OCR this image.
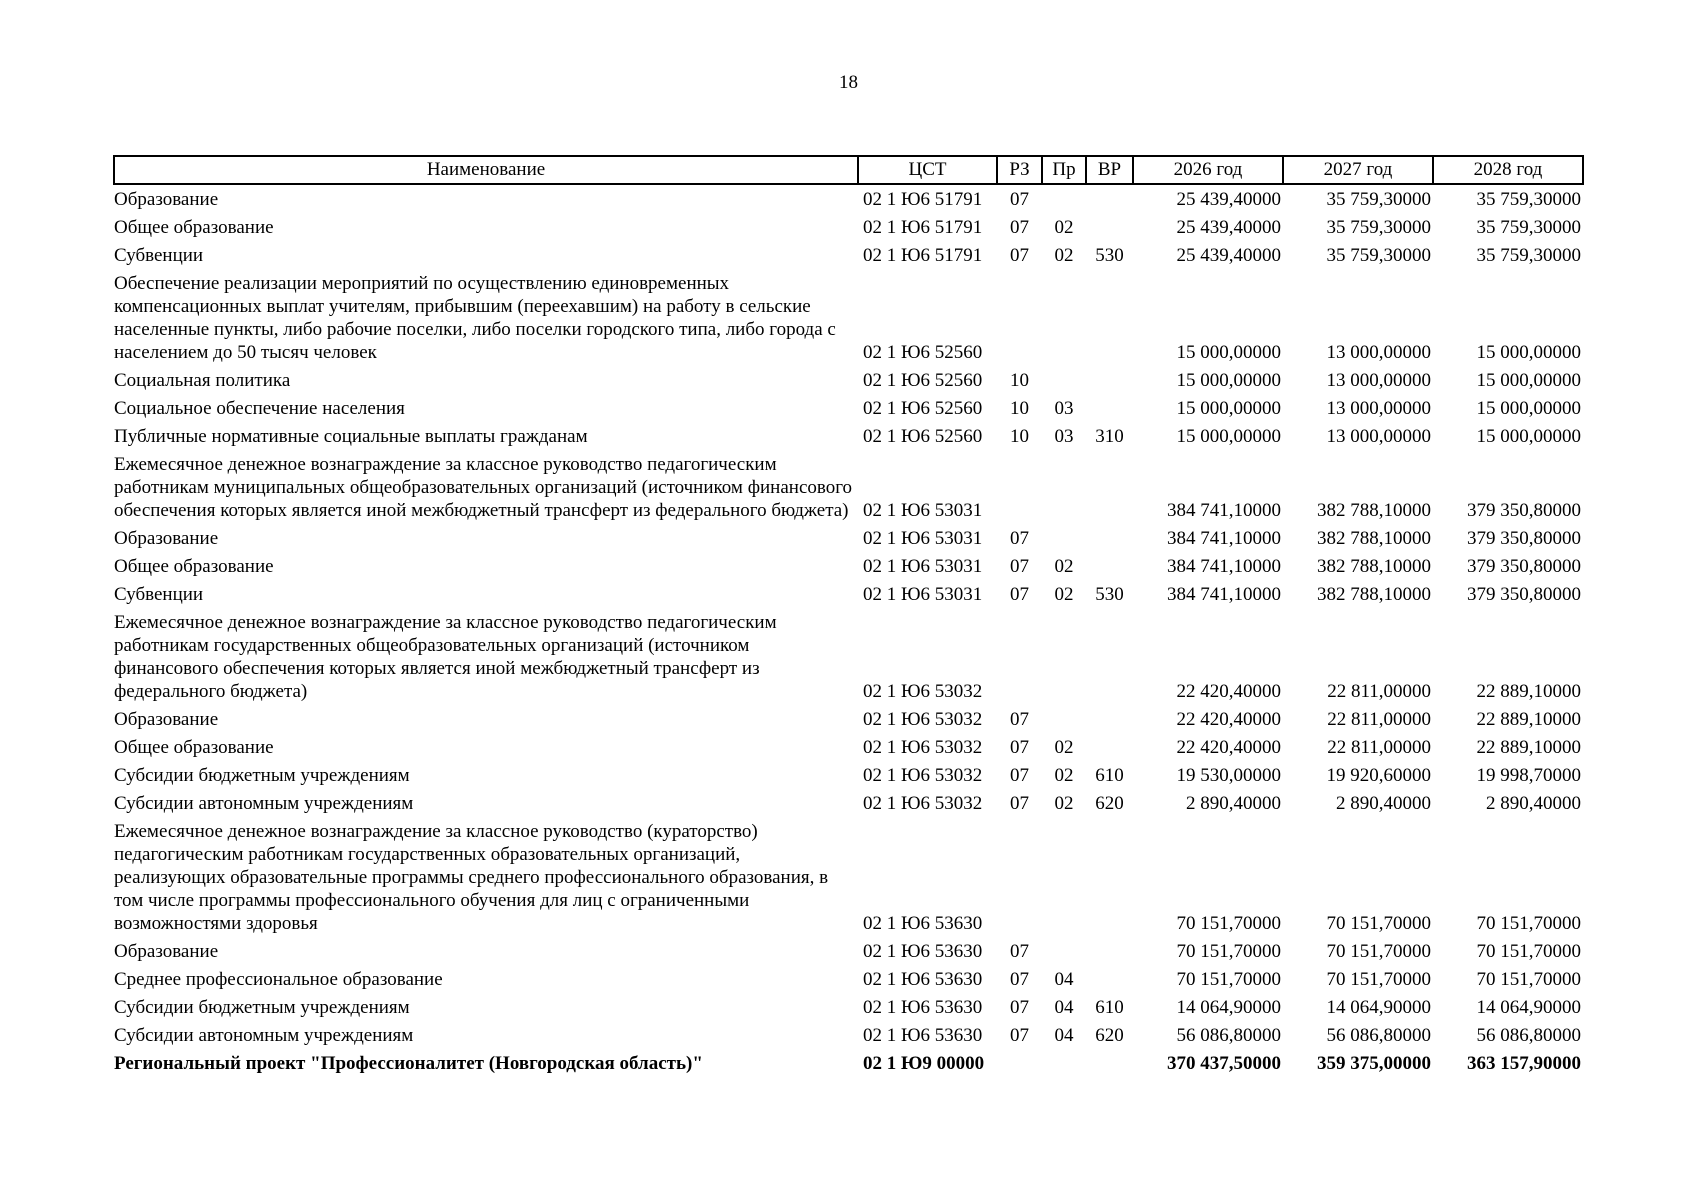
18
Наименование	ЦСТ	РЗ	Пр	ВР	2026 год	2027 год	2028 год
Образование	02 1 Ю6 51791	07			25 439,40000	35 759,30000	35 759,30000
Общее образование	02 1 Ю6 51791	07	02		25 439,40000	35 759,30000	35 759,30000
Субвенции	02 1 Ю6 51791	07	02	530	25 439,40000	35 759,30000	35 759,30000
Обеспечение реализации мероприятий по осуществлению единовременных компенсационных выплат учителям, прибывшим (переехавшим) на работу в сельские населенные пункты, либо рабочие поселки, либо поселки городского типа, либо города с населением до 50 тысяч человек	02 1 Ю6 52560				15 000,00000	13 000,00000	15 000,00000
Социальная политика	02 1 Ю6 52560	10			15 000,00000	13 000,00000	15 000,00000
Социальное обеспечение населения	02 1 Ю6 52560	10	03		15 000,00000	13 000,00000	15 000,00000
Публичные нормативные социальные выплаты гражданам	02 1 Ю6 52560	10	03	310	15 000,00000	13 000,00000	15 000,00000
Ежемесячное денежное вознаграждение за классное руководство педагогическим работникам муниципальных общеобразовательных организаций (источником финансового обеспечения которых является иной межбюджетный трансферт из федерального бюджета)	02 1 Ю6 53031				384 741,10000	382 788,10000	379 350,80000
Образование	02 1 Ю6 53031	07			384 741,10000	382 788,10000	379 350,80000
Общее образование	02 1 Ю6 53031	07	02		384 741,10000	382 788,10000	379 350,80000
Субвенции	02 1 Ю6 53031	07	02	530	384 741,10000	382 788,10000	379 350,80000
Ежемесячное денежное вознаграждение за классное руководство педагогическим работникам государственных общеобразовательных организаций (источником финансового обеспечения которых является иной межбюджетный трансферт из федерального бюджета)	02 1 Ю6 53032				22 420,40000	22 811,00000	22 889,10000
Образование	02 1 Ю6 53032	07			22 420,40000	22 811,00000	22 889,10000
Общее образование	02 1 Ю6 53032	07	02		22 420,40000	22 811,00000	22 889,10000
Субсидии бюджетным учреждениям	02 1 Ю6 53032	07	02	610	19 530,00000	19 920,60000	19 998,70000
Субсидии автономным учреждениям	02 1 Ю6 53032	07	02	620	2 890,40000	2 890,40000	2 890,40000
Ежемесячное денежное вознаграждение за классное руководство (кураторство) педагогическим работникам государственных образовательных организаций, реализующих образовательные программы среднего профессионального образования, в том числе программы профессионального обучения для лиц с ограниченными возможностями здоровья	02 1 Ю6 53630				70 151,70000	70 151,70000	70 151,70000
Образование	02 1 Ю6 53630	07			70 151,70000	70 151,70000	70 151,70000
Среднее профессиональное образование	02 1 Ю6 53630	07	04		70 151,70000	70 151,70000	70 151,70000
Субсидии бюджетным учреждениям	02 1 Ю6 53630	07	04	610	14 064,90000	14 064,90000	14 064,90000
Субсидии автономным учреждениям	02 1 Ю6 53630	07	04	620	56 086,80000	56 086,80000	56 086,80000
Региональный проект "Профессионалитет (Новгородская область)"	02 1 Ю9 00000				370 437,50000	359 375,00000	363 157,90000
